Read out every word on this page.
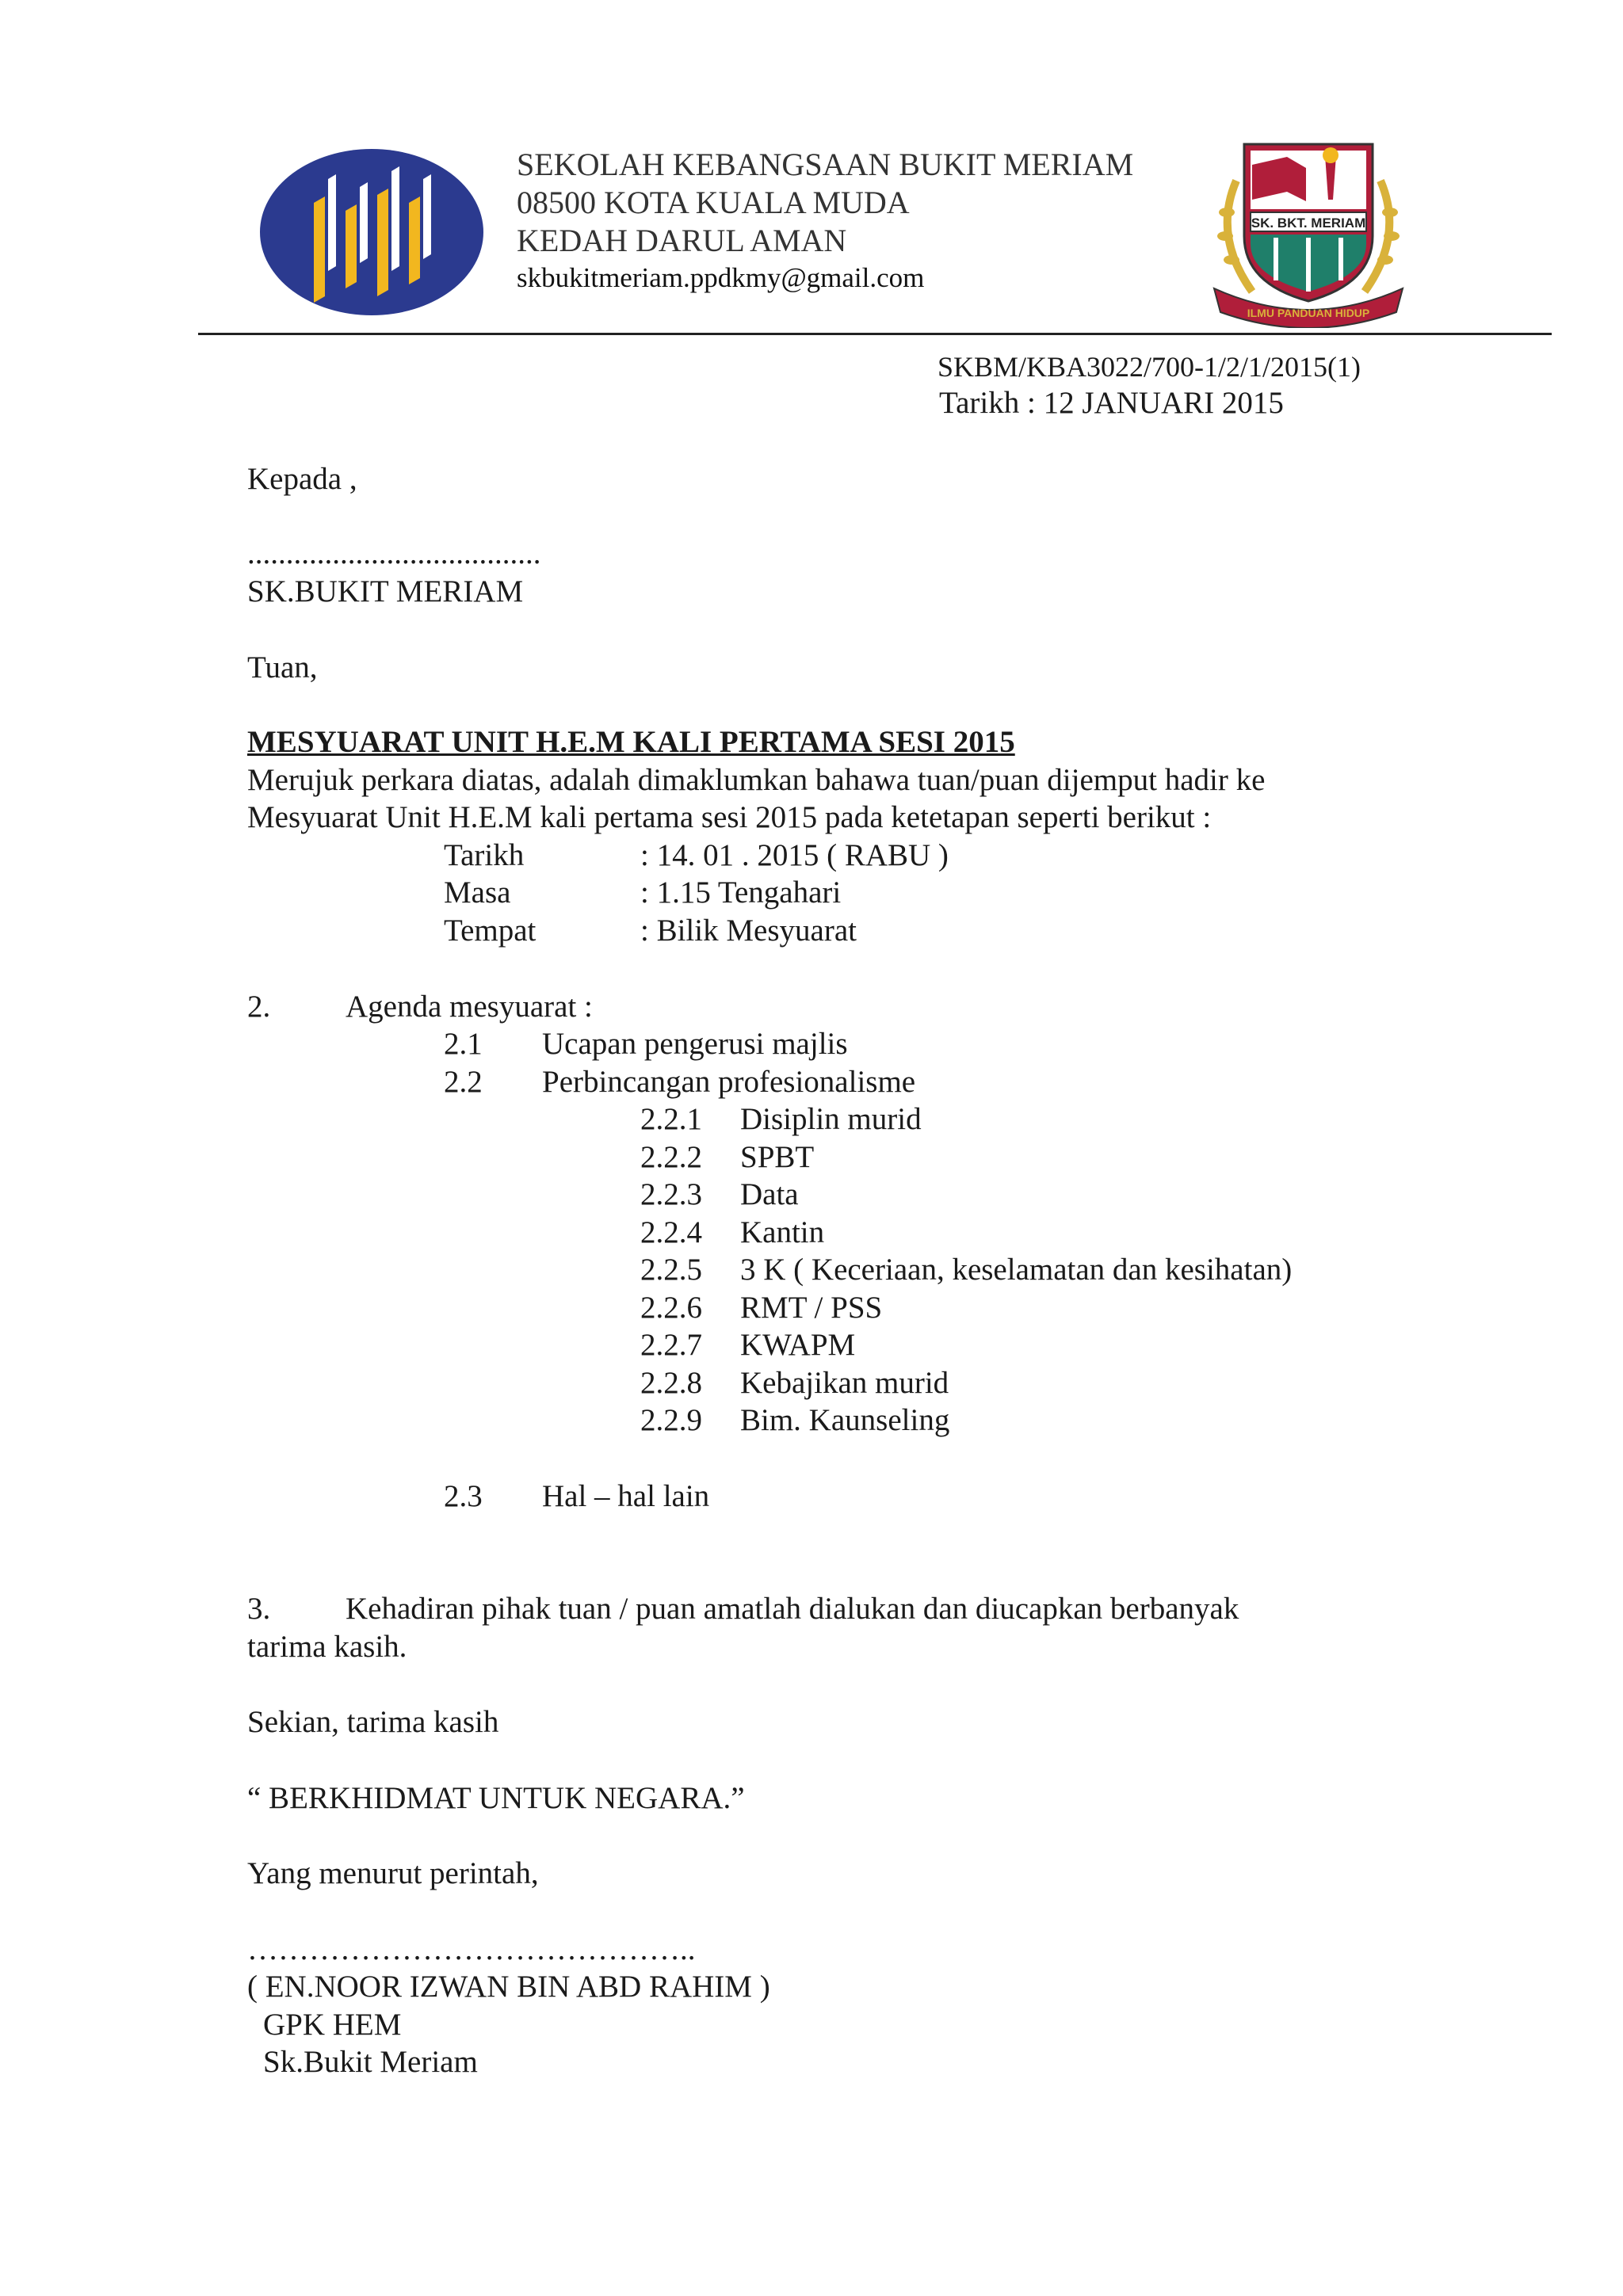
SEKOLAH KEBANGSAAN BUKIT MERIAM
08500 KOTA KUALA MUDA
KEDAH DARUL AMAN
skbukitmeriam.ppdkmy@gmail.com
SK. BKT. MERIAM
ILMU PANDUAN HIDUP
SKBM/KBA3022/700-1/2/1/2015(1)
Tarikh : 12 JANUARI 2015
Kepada ,
......................................
SK.BUKIT MERIAM
Tuan,
MESYUARAT UNIT H.E.M KALI PERTAMA SESI 2015
Merujuk perkara diatas, adalah dimaklumkan bahawa tuan/puan dijemput hadir ke
Mesyuarat Unit H.E.M kali pertama sesi 2015 pada ketetapan seperti berikut :
Tarikh	: 14. 01 . 2015 ( RABU )
Masa	: 1.15 Tengahari
Tempat	: Bilik Mesyuarat
2. Agenda mesyuarat :
2.1 Ucapan pengerusi majlis
2.2 Perbincangan profesionalisme
2.2.1 Disiplin murid
2.2.2 SPBT
2.2.3 Data
2.2.4 Kantin
2.2.5 3 K ( Keceriaan, keselamatan dan kesihatan)
2.2.6 RMT / PSS
2.2.7 KWAPM
2.2.8 Kebajikan murid
2.2.9 Bim. Kaunseling
2.3 Hal – hal lain
3. Kehadiran pihak tuan / puan amatlah dialukan dan diucapkan berbanyak
tarima kasih.
Sekian, tarima kasih
“ BERKHIDMAT UNTUK NEGARA.”
Yang menurut perintah,
……………………………………..
( EN.NOOR IZWAN BIN ABD RAHIM )
GPK HEM
Sk.Bukit Meriam
